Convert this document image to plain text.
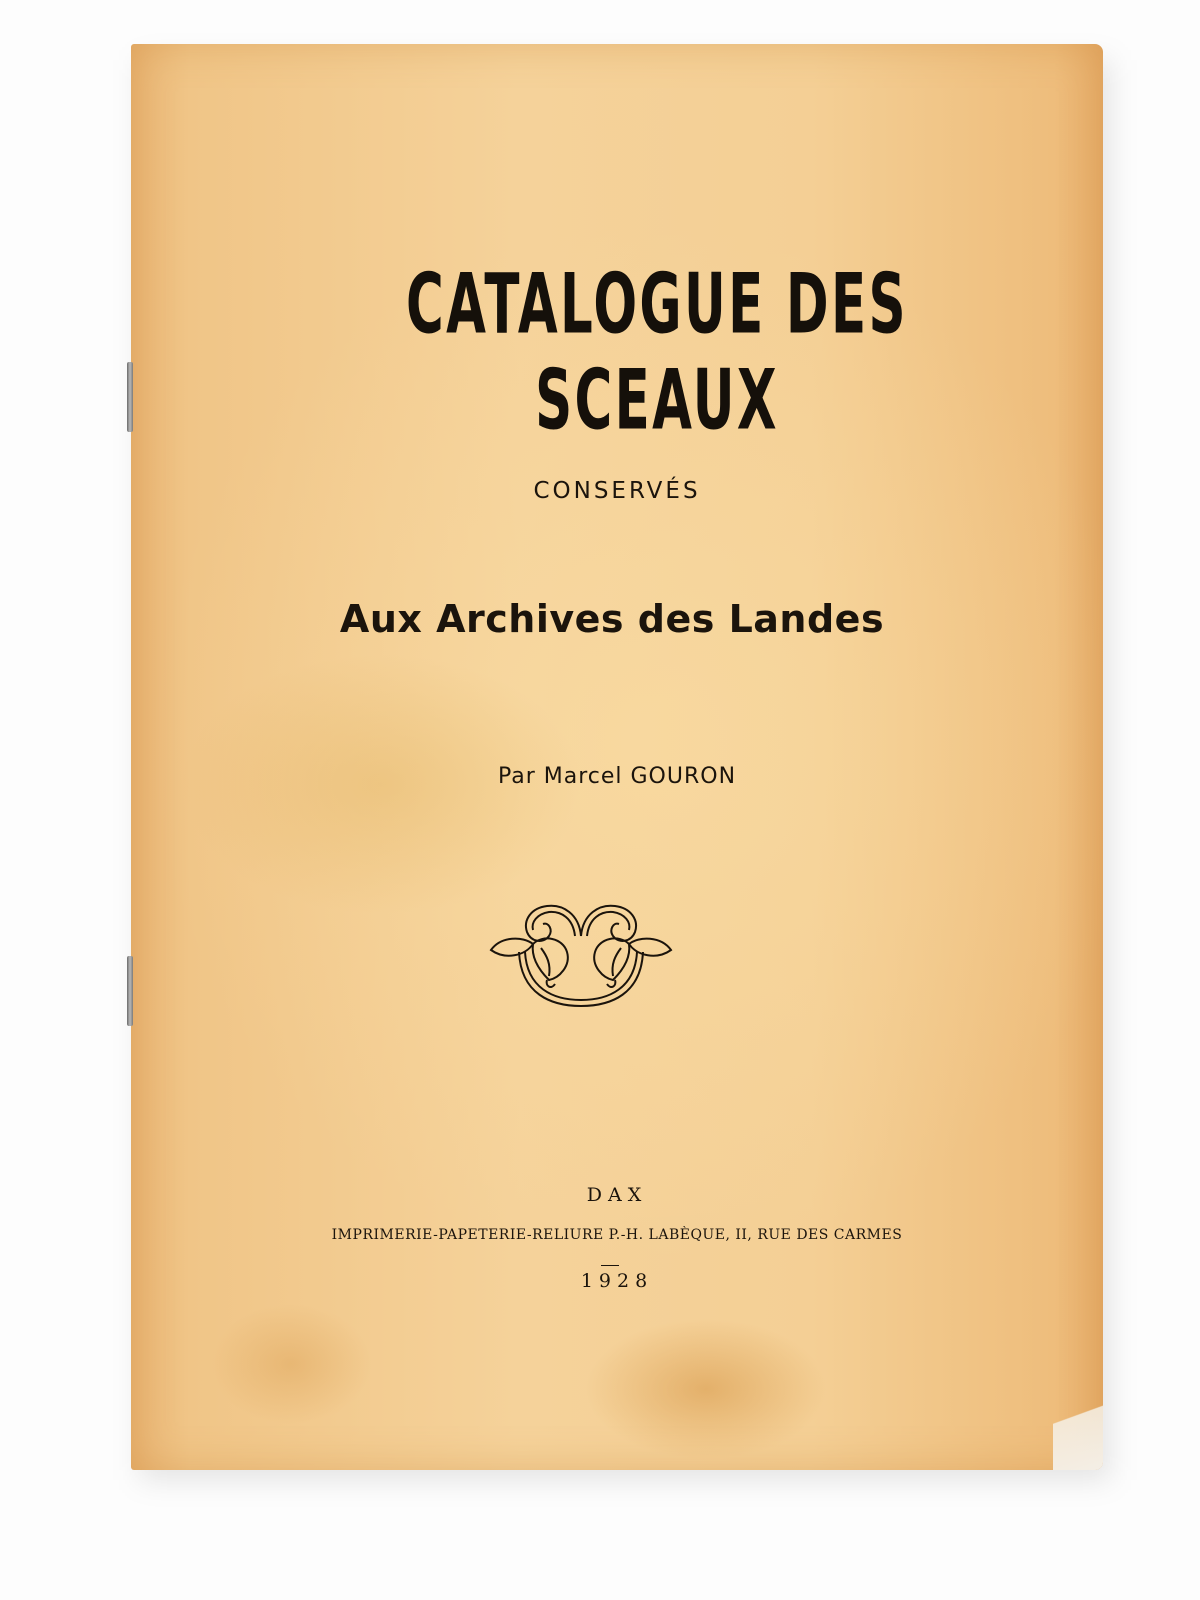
CATALOGUE DES SCEAUX

CONSERVÉS

Aux Archives des Landes

Par Marcel GOURON

DAX

IMPRIMERIE-PAPETERIE-RELIURE P.-H. LABÈQUE, II, RUE DES CARMES

1928
